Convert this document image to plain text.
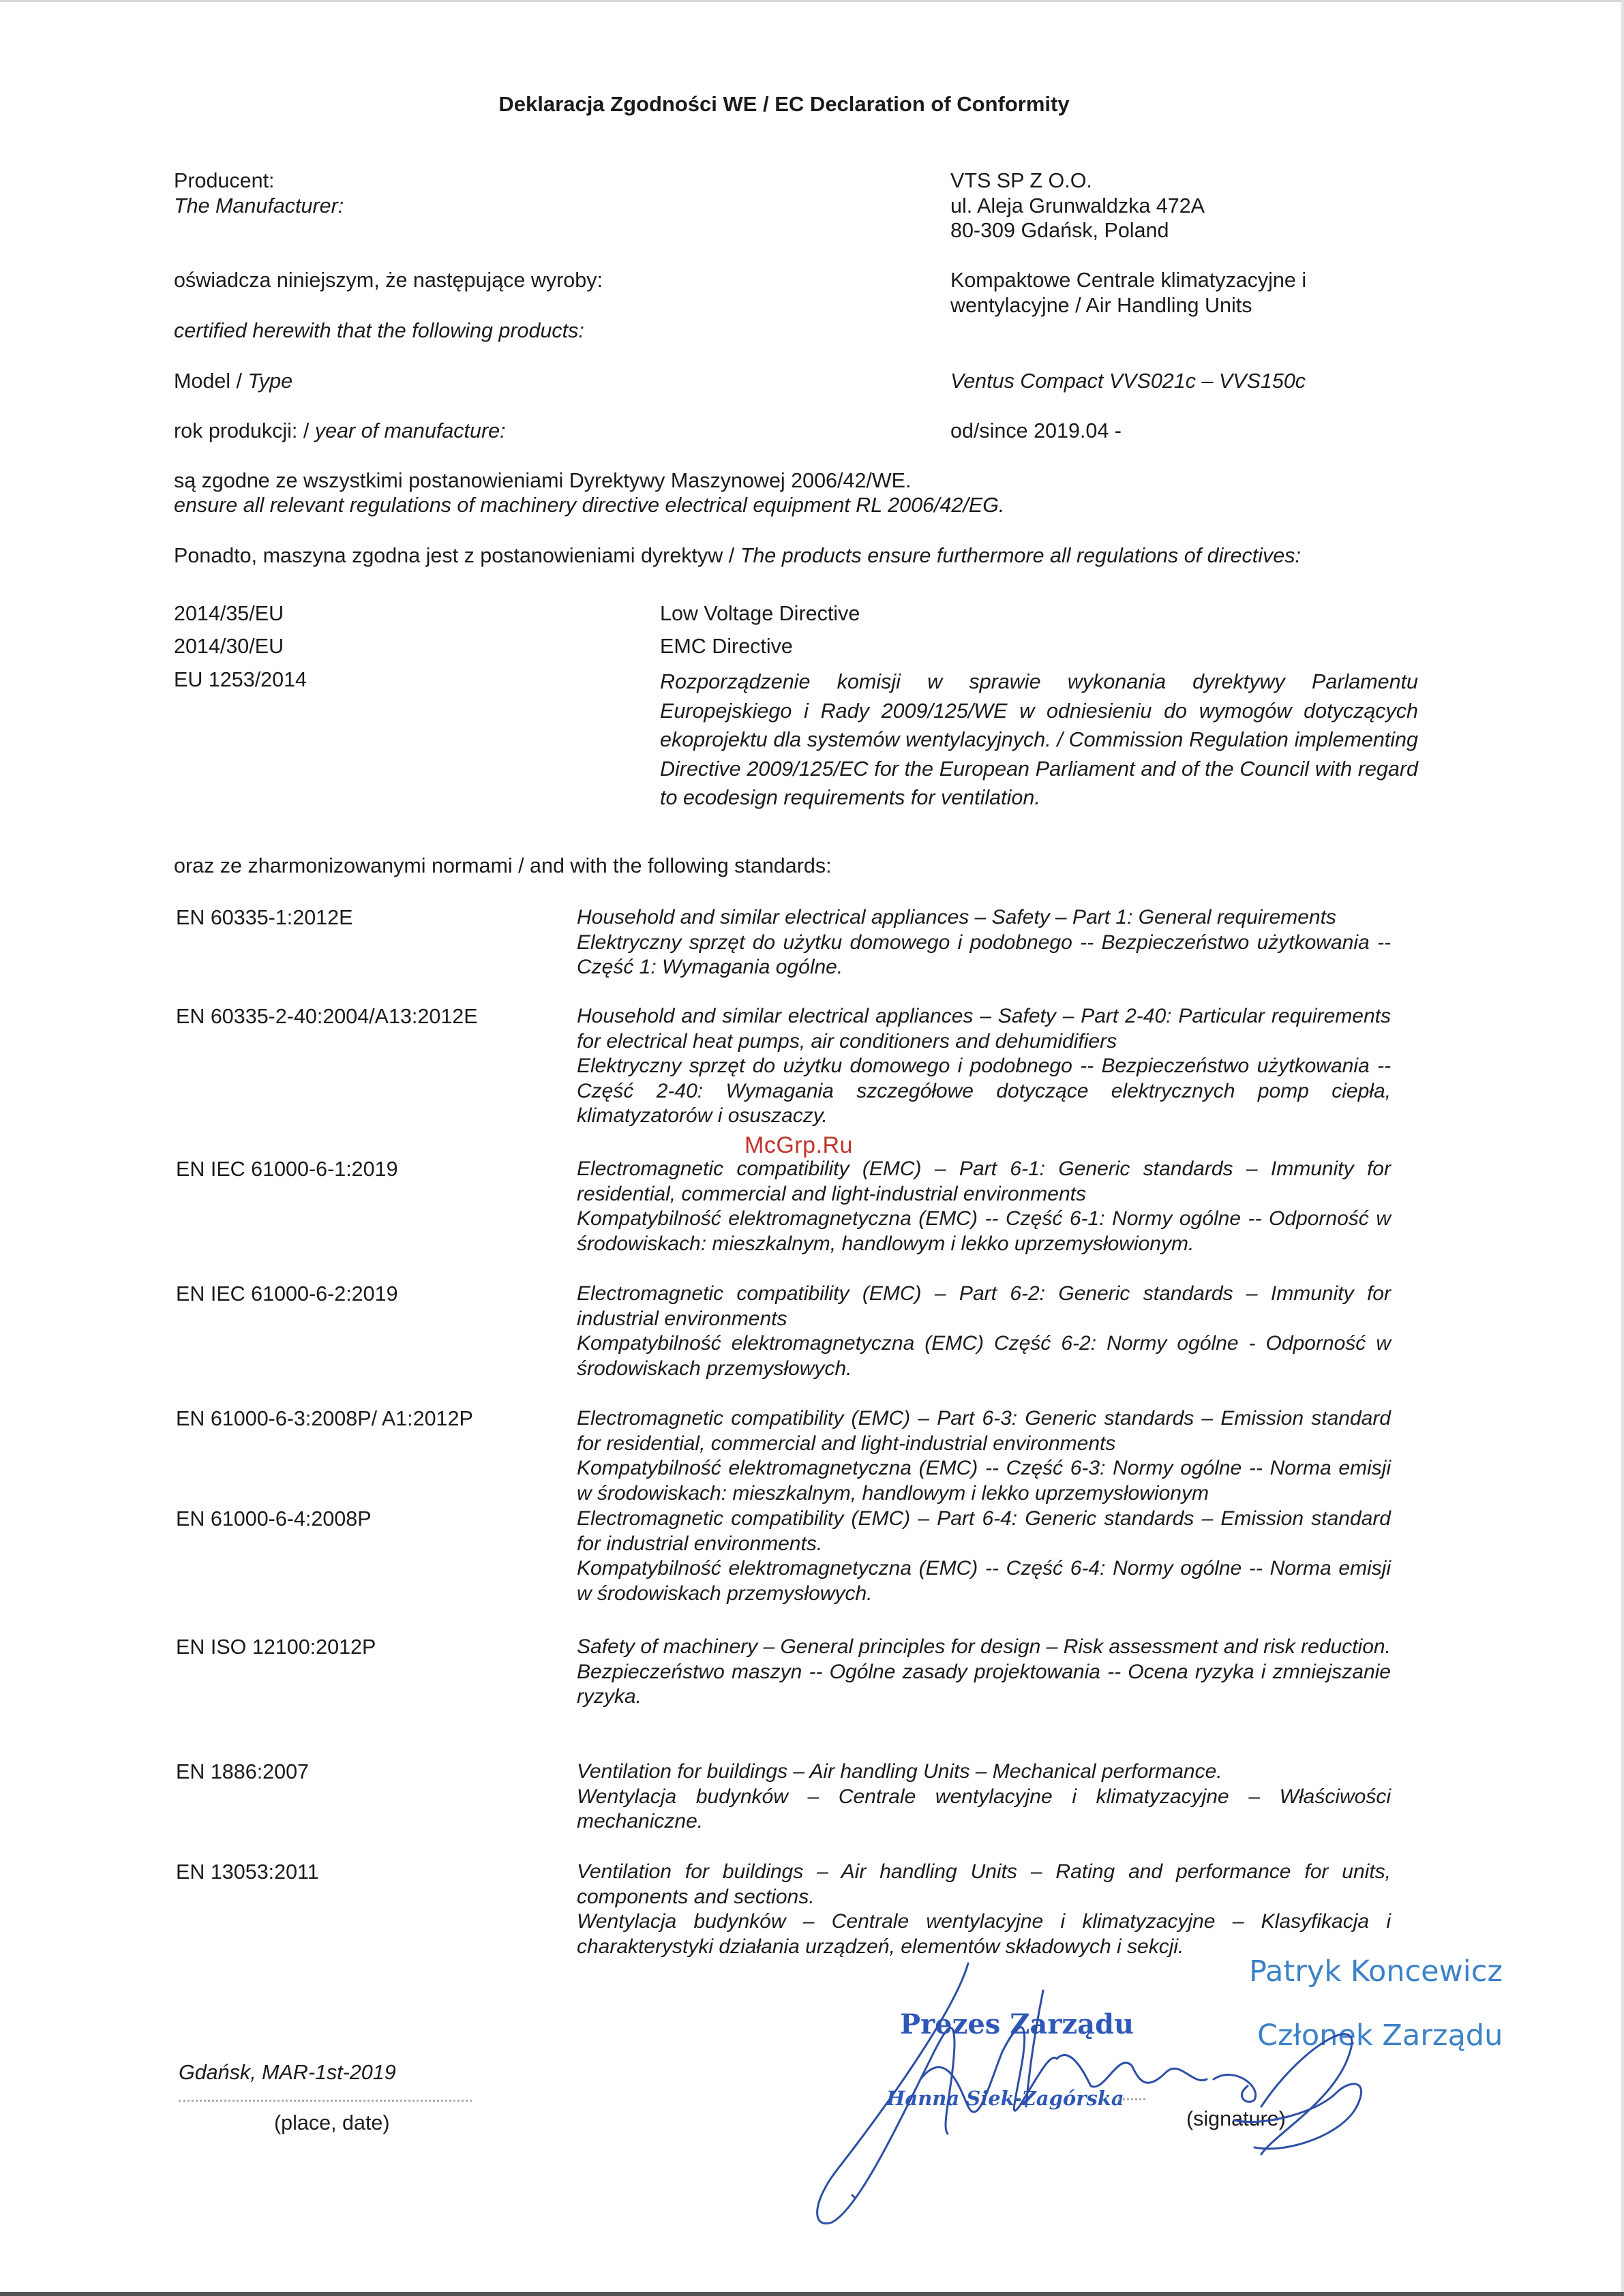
Deklaracja Zgodności WE / EC Declaration of Conformity
Producent:
The Manufacturer:
VTS SP Z O.O.
ul. Aleja Grunwaldzka 472A
80-309 Gdańsk, Poland
oświadcza niniejszym, że następujące wyroby:
certified herewith that the following products:
Kompaktowe Centrale klimatyzacyjne i
wentylacyjne / Air Handling Units
Model / Type	Ventus Compact VVS021c – VVS150c
rok produkcji: / year of manufacture:	od/since 2019.04 -
są zgodne ze wszystkimi postanowieniami Dyrektywy Maszynowej 2006/42/WE.
ensure all relevant regulations of machinery directive electrical equipment RL 2006/42/EG.
Ponadto, maszyna zgodna jest z postanowieniami dyrektyw / The products ensure furthermore all regulations of directives:
2014/35/EU	Low Voltage Directive
2014/30/EU	EMC Directive
EU 1253/2014	Rozporządzenie komisji w sprawie wykonania dyrektywy Parlamentu Europejskiego i Rady 2009/125/WE w odniesieniu do wymogów dotyczących ekoprojektu dla systemów wentylacyjnych. / Commission Regulation implementing Directive 2009/125/EC for the European Parliament and of the Council with regard to ecodesign requirements for ventilation.
oraz ze zharmonizowanymi normami / and with the following standards:
EN 60335-1:2012E	Household and similar electrical appliances – Safety – Part 1: General requirements
Elektryczny sprzęt do użytku domowego i podobnego -- Bezpieczeństwo użytkowania -- Część 1: Wymagania ogólne.
EN 60335-2-40:2004/A13:2012E	Household and similar electrical appliances – Safety – Part 2-40: Particular requirements for electrical heat pumps, air conditioners and dehumidifiers
Elektryczny sprzęt do użytku domowego i podobnego -- Bezpieczeństwo użytkowania -- Część 2-40: Wymagania szczegółowe dotyczące elektrycznych pomp ciepła, klimatyzatorów i osuszaczy.
EN IEC 61000-6-1:2019	Electromagnetic compatibility (EMC) – Part 6-1: Generic standards – Immunity for residential, commercial and light-industrial environments
Kompatybilność elektromagnetyczna (EMC) -- Część 6-1: Normy ogólne -- Odporność w środowiskach: mieszkalnym, handlowym i lekko uprzemysłowionym.
EN IEC 61000-6-2:2019	Electromagnetic compatibility (EMC) – Part 6-2: Generic standards – Immunity for industrial environments
Kompatybilność elektromagnetyczna (EMC) Część 6-2: Normy ogólne - Odporność w środowiskach przemysłowych.
EN 61000-6-3:2008P/ A1:2012P	Electromagnetic compatibility (EMC) – Part 6-3: Generic standards – Emission standard for residential, commercial and light-industrial environments
Kompatybilność elektromagnetyczna (EMC) -- Część 6-3: Normy ogólne -- Norma emisji w środowiskach: mieszkalnym, handlowym i lekko uprzemysłowionym
EN 61000-6-4:2008P	Electromagnetic compatibility (EMC) – Part 6-4: Generic standards – Emission standard for industrial environments.
Kompatybilność elektromagnetyczna (EMC) -- Część 6-4: Normy ogólne -- Norma emisji w środowiskach przemysłowych.
EN ISO 12100:2012P	Safety of machinery – General principles for design – Risk assessment and risk reduction.
Bezpieczeństwo maszyn -- Ogólne zasady projektowania -- Ocena ryzyka i zmniejszanie ryzyka.
EN 1886:2007	Ventilation for buildings – Air handling Units – Mechanical performance.
Wentylacja budynków – Centrale wentylacyjne i klimatyzacyjne – Właściwości mechaniczne.
EN 13053:2011	Ventilation for buildings – Air handling Units – Rating and performance for units, components and sections.
Wentylacja budynków – Centrale wentylacyjne i klimatyzacyjne – Klasyfikacja i charakterystyki działania urządzeń, elementów składowych i sekcji.
McGrp.Ru
Gdańsk, MAR-1st-2019
(place, date)
Prezes Zarządu
Hanna Siek-Zagórska
Patryk Koncewicz
Członek Zarządu
(signature)
